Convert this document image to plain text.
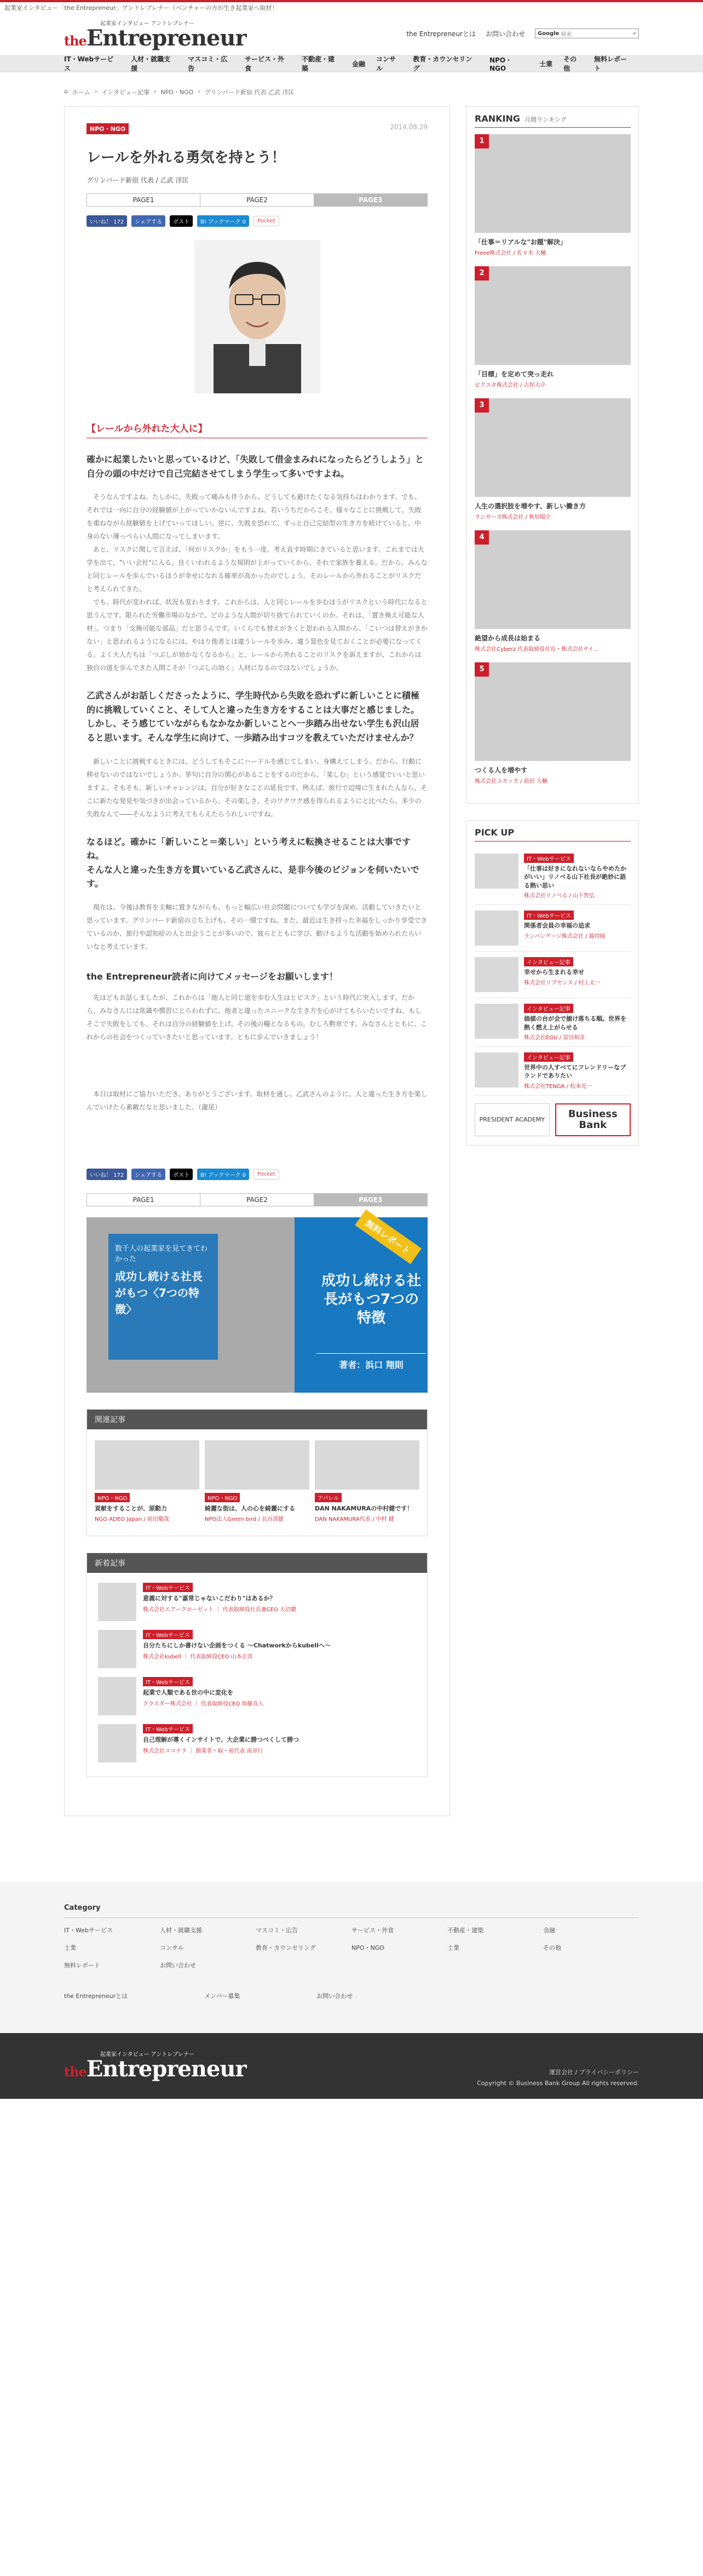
起業家インタビュー「the Entrepreneur」アントレプレナー（ベンチャーの方が生き起業家へ取材！
起業家インタビュー アントレプレナー
theEntrepreneur	the Entrepreneurとは お問い合わせ Google
検索	⌕
IT・Webサービス
人材・就職支援
マスコミ・広告
サービス・外食
不動産・建築
金融
コンサル
教育・カウンセリング
NPO・NGO
士業
その他
無料レポート
⌂ ホーム › インタビュー記事 › NPO・NGO › グリンバード新宿 代表 乙武 洋匡
NPO・NGO	2014.08.29
レールを外れる勇気を持とう！
グリンバード新宿 代表 / 乙武 洋匡
PAGE1	PAGE2	PAGE3
いいね！ 172	シェアする	ポスト	B! ブックマーク 0	Pocket
【レールから外れた大人に】
確かに起業したいと思っているけど、「失敗して借金まみれになったらどうしよう」と自分の頭の中だけで自己完結させてしまう学生って多いですよね。
　そうなんですよね。たしかに、失敗って痛みも伴うから、どうしても避けたくなる気持ちはわかります。でも、それでは一向に自分の経験値が上がっていかないんですよね。若いうちだからこそ、様々なことに挑戦して、失敗を重ねながら経験値を上げていってほしい。逆に、失敗を恐れて、ずっと自己完結型の生き方を続けていると、中身のない薄っぺらい人間になってしまいます。
　あと、リスクに関して言えば、「何がリスクか」をもう一度、考え直す時期にきていると思います。これまでは大学を出て、"いい会社"に入る。良くいわれるような規則が上がっていくから、それで家族を養える。だから、みんなと同じレールを歩んでいるほうが幸せになれる確率が高かったのでしょう。そのレールから外れることがリスクだと考えられてきた。
　でも、時代が変われば、状況も変わります。これからは、人と同じレールを歩むほうがリスクという時代になると思うんです。限られた労働市場のなかで、どのような人間が切り捨てられていくのか。それは、「置き換え可能な人材」。つまり「交換可能な部品」だと思うんです。いくらでも替えがきくと思われる人間から、「こいつは替えがきかない」と思われるようになるには、やはり他者とは違うレールを歩み、違う景色を見ておくことが必要になってくる。よく大人たちは「つぶしが効かなくなるから」と、レールから外れることのリスクを訴えますが、これからは独自の道を歩んできた人間こそが「つぶしの効く」人材になるのではないでしょうか。
乙武さんがお話しくださったように、学生時代から失敗を恐れずに新しいことに積極的に挑戦していくこと、そして人と違った生き方をすることは大事だと感じました。
しかし、そう感じていながらもなかなか新しいことへ一歩踏み出せない学生も沢山居ると思います。そんな学生に向けて、一歩踏み出すコツを教えていただけませんか？
　新しいことに挑戦するときには、どうしてもそこにハードルを感じてしまい、身構えてしまう。だから、行動に移せないのではないでしょうか。挙句に自分の関心があることをするのだから、「楽しむ」という感覚でいいと思いますよ。そもそも、新しいチャレンジは、自分が好きなことの延長です。例えば、旅行で辺境に生まれた人なら、そこに新たな発見や気づきが出会っているから、その楽しさ、そのワクワク感を得られるようにと比べたら、多少の失敗なんて――そんなように考えてもらえたらうれしいですね。
なるほど。確かに「新しいこと＝楽しい」という考えに転換させることは大事ですね。
そんな人と違った生き方を貫いている乙武さんに、是非今後のビジョンを伺いたいです。
　現在は、今後は教育を主軸に置きながらも、もっと幅広い社会問題についても学びを深め、活動していきたいと思っています。グリンバード新宿の立ち上げも、その一環ですね。また、最近は生き持った幸福をしっかり享受できているのか、旅行や認知症の人と出会うことが多いので、彼らとともに学び、動けるような活動を始められたらいいなと考えています。
the Entrepreneur読者に向けてメッセージをお願いします！
　先ほどもお話しましたが、これからは「他人と同じ道を歩む人生はとピスク」という時代に突入します。だから、みなさんには常識や慣習にとらわれずに、他者と違ったユニークな生き方を心がけてもらいたいですね。もしそこで失敗をしても、それは自分の経験値を上げ、その後の糧となるもの。むしろ勲章です。みなさんとともに、これからの社会をつくっていきたいと思っています。ともに歩んでいきましょう！
　本日は取材にご協力いただき、ありがとうございます。取材を通し、乙武さんのように、人と違った生き方を楽しんでいけたら素敵だなと思いました。（瀧尾）
いいね！ 172	シェアする	ポスト	B! ブックマーク 0	Pocket
PAGE1	PAGE2	PAGE3
数千人の起業家を見てきてわかった
成功し続ける社長がもつ〈7つの特徴〉
無料レポート
成功し続ける社長がもつ7つの特徴
著者：浜口 翔則
関連記事
NPO・NGO
貢献をすることが、原動力
NGO ADEO Japan / 前田慶哉
NPO・NGO
綺麗な街は、人の心を綺麗にする
NPO法人Green bird / 長谷部健
アパレル
DAN NAKAMURAの中村健です！
DAN NAKAMURA代表 / 中村 健
新着記事
IT・Webサービス
意義に対する"嘉常じゃないこだわり"はあるか？
株式会社エアークローゼット ｜ 代表取締役社長兼CEO 天沼聰
IT・Webサービス
自分たちにしか書けない企画をつくる 〜Chatworkからkubellへ〜
株式会社kubell ｜ 代表取締役CEO 山本正喜
IT・Webサービス
起業で人類である世の中に変化を
クラスター株式会社 ｜ 代表取締役CEO 加藤直人
IT・Webサービス
自己理解が導くインサイトで、大企業に勝つべくして勝つ
株式会社ココナラ ｜ 創業者・取・前代表 南章行
RANKING 月間ランキング
1
「仕事＝リアルな"お題"解決」
Freee株式会社 / 佐々木 大輔
2
「目標」を定めて突っ走れ
ピクスタ株式会社 / 古俣大介
3
人生の選択肢を増やす、新しい働き方
ランサーズ株式会社 / 秋好陽介
4
絶望から成長は始まる
株式会社Cyberz 代表取締役社長・株式会社サイ...
5
つくる人を増やす
株式会社ユカック / 前田 大輔
PICK UP
IT・Webサービス
「仕事は好きになれないならやめたかがいい」リノベる山下社長が絶妙に語る熱い思い
株式会社リノベる / 山下智弘
IT・Webサービス
関係者会員の幸福の追求
ランパンゲージ株式会社 / 釼持純
インタビュー記事
幸せから生まれる幸せ
株式会社リブセンス / 村上太一
インタビュー記事
価値の台が会で揃け落ちる順。世界を熱く燃え上がらせる
株式会社EGU / 富田和彦
インタビュー記事
世界中の人すべてにフレンドリーなブランドでありたい
株式会社TENGA / 松本光一
PRESIDENT ACADEMY	Business Bank
Category
IT・Webサービス	人材・就職支援	マスコミ・広告	サービス・外食	不動産・建築	金融
士業	コンサル	教育・カウンセリング	NPO・NGO	士業	その他
無料レポート	お問い合わせ
the Entrepreneurとは	メンバー募集	お問い合わせ
起業家インタビュー アントレプレナー
theEntrepreneur	運営会社 / プライバシーポリシー
Copyright © Business Bank Group All rights reserved.
